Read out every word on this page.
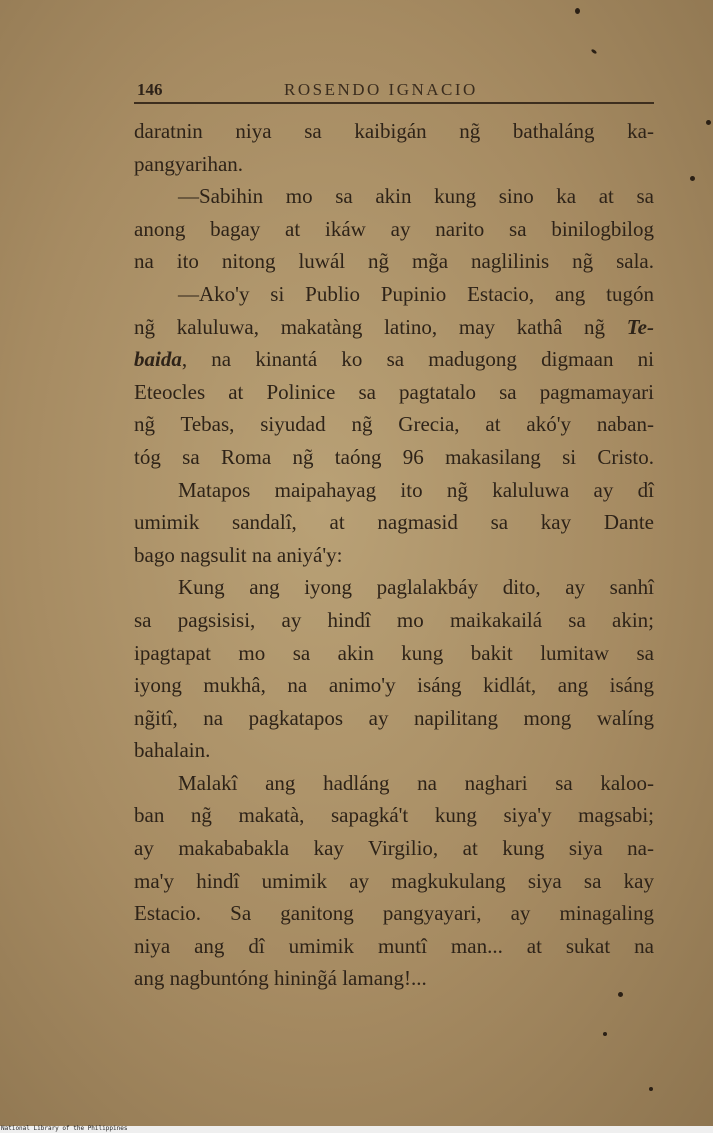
146	ROSENDO IGNACIO

daratnin niya sa kaibigán ng̃ bathaláng ka-
pangyarihan.

—Sabihin mo sa akin kung sino ka at sa
anong bagay at ikáw ay narito sa binilogbilog
na ito nitong luwál ng̃ mg̃a naglilinis ng̃ sala.

—Ako'y si Publio Pupinio Estacio, ang tugón
ng̃ kaluluwa, makatàng latino, may kathâ ng̃ Te-
baida, na kinantá ko sa madugong digmaan ni
Eteocles at Polinice sa pagtatalo sa pagmamayari
ng̃ Tebas, siyudad ng̃ Grecia, at akó'y naban-
tóg sa Roma ng̃ taóng 96 makasilang si Cristo.

Matapos maipahayag ito ng̃ kaluluwa ay dî
umimik sandalî, at nagmasid sa kay Dante
bago nagsulit na aniyá'y:

Kung ang iyong paglalakbáy dito, ay sanhî
sa pagsisisi, ay hindî mo maikakailá sa akin;
ipagtapat mo sa akin kung bakit lumitaw sa
iyong mukhâ, na animo'y isáng kidlát, ang isáng
ng̃itî, na pagkatapos ay napilitang mong walíng
bahalain.

Malakî ang hadláng na naghari sa kaloo-
ban ng̃ makatà, sapagká't kung siya'y magsabi;
ay makababakla kay Virgilio, at kung siya na-
ma'y hindî umimik ay magkukulang siya sa kay
Estacio. Sa ganitong pangyayari, ay minagaling
niya ang dî umimik muntî man... at sukat na
ang nagbuntóng hining̃á lamang!...

National Library of the Philippines
